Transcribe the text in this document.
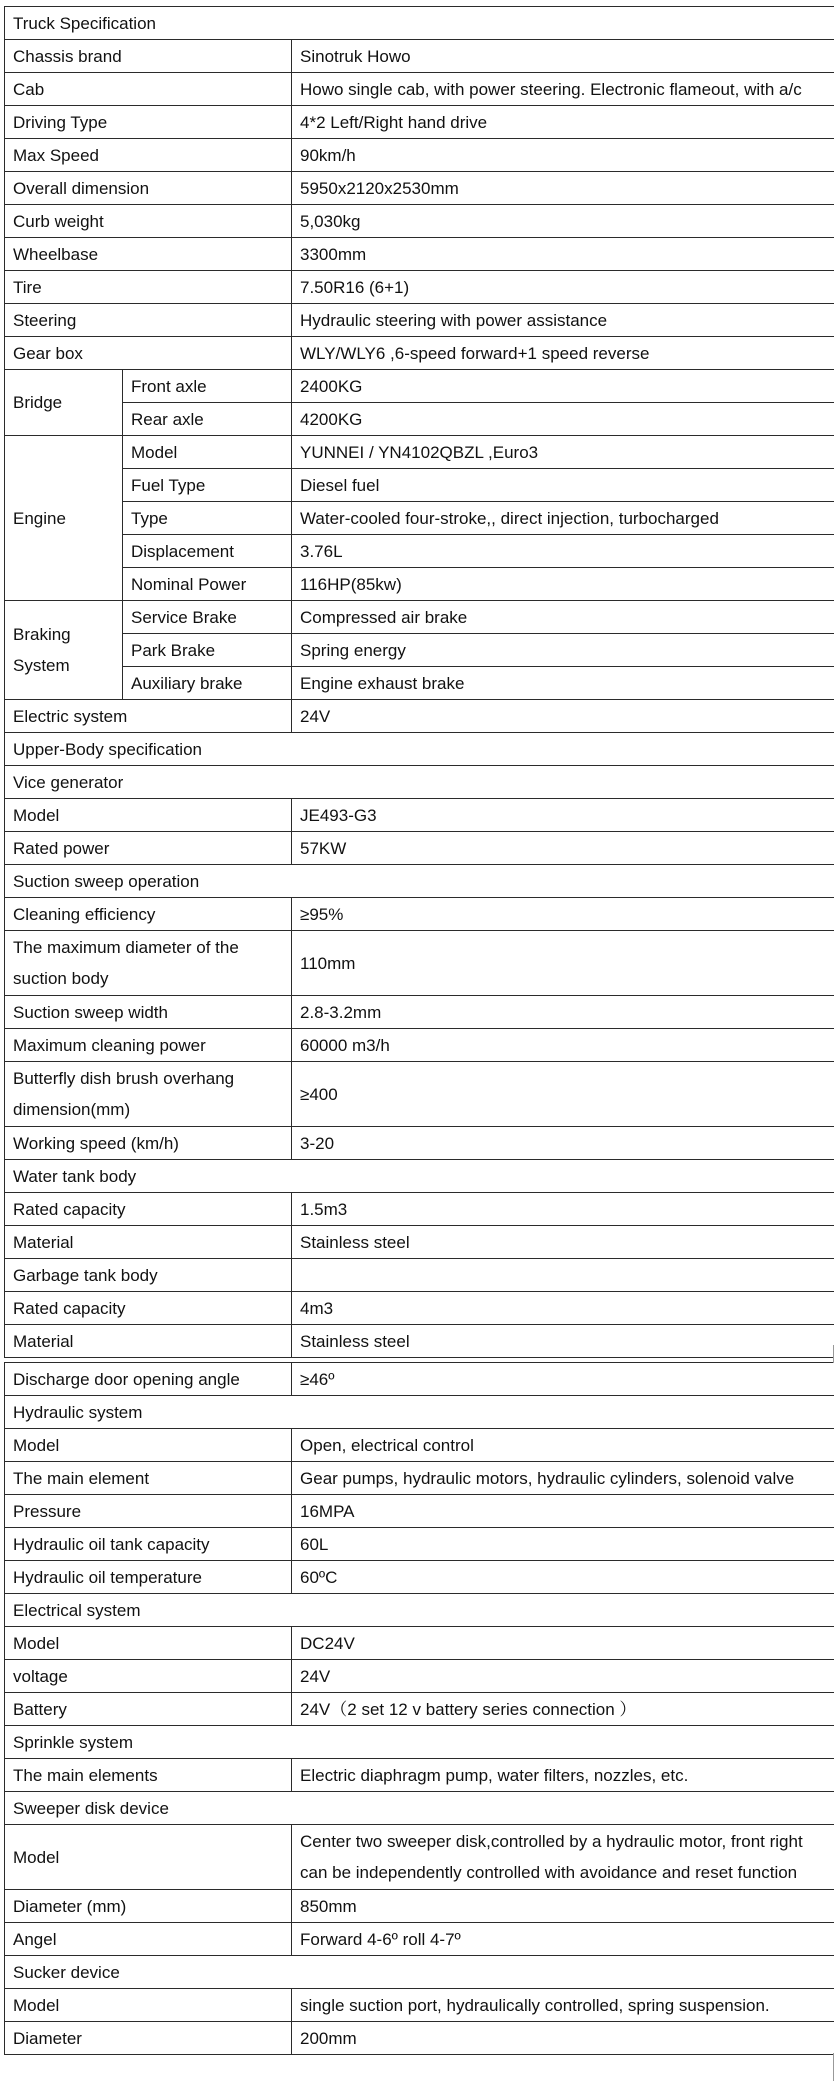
Truck Specification		
Chassis brand		Sinotruk Howo
Cab		Howo single cab, with power steering. Electronic flameout, with a/c
Driving Type		4*2 Left/Right hand drive
Max Speed		90km/h
Overall dimension		5950x2120x2530mm
Curb weight		5,030kg
Wheelbase		3300mm
Tire		7.50R16 (6+1)
Steering		Hydraulic steering with power assistance
Gear box		WLY/WLY6 ,6-speed forward+1 speed reverse
Bridge	Front axle	2400KG
	Rear axle	4200KG
Engine	Model	YUNNEI / YN4102QBZL ,Euro3
	Fuel Type	Diesel fuel
	Type	Water-cooled four-stroke,, direct injection, turbocharged
	Displacement	3.76L
	Nominal Power	116HP(85kw)
Braking System	Service Brake	Compressed air brake
	Park Brake	Spring energy
	Auxiliary brake	Engine exhaust brake
Electric system		24V
Upper-Body specification		
Vice generator		
Model		JE493-G3
Rated power		57KW
Suction sweep operation		
Cleaning efficiency		≥95%
The maximum diameter of the suction body		110mm
Suction sweep width		2.8-3.2mm
Maximum cleaning power		60000 m3/h
Butterfly dish brush overhang dimension(mm)		≥400
Working speed (km/h)		3-20
Water tank body		
Rated capacity		1.5m3
Material		Stainless steel
Garbage tank body		
Rated capacity		4m3
Material		Stainless steel
Discharge door opening angle	≥46º
Hydraulic system	
Model	Open, electrical control
The main element	Gear pumps, hydraulic motors, hydraulic cylinders, solenoid valve
Pressure	16MPA
Hydraulic oil tank capacity	60L
Hydraulic oil temperature	60ºC
Electrical system	
Model	DC24V
voltage	24V
Battery	24V（2 set 12 v battery series connection ）
Sprinkle system	
The main elements	Electric diaphragm pump, water filters, nozzles, etc.
Sweeper disk device	
Model	Center two sweeper disk,controlled by a hydraulic motor, front right can be independently controlled with avoidance and reset function
Diameter (mm)	850mm
Angel	Forward 4-6º roll 4-7º
Sucker device	
Model	single suction port, hydraulically controlled, spring suspension.
Diameter	200mm
